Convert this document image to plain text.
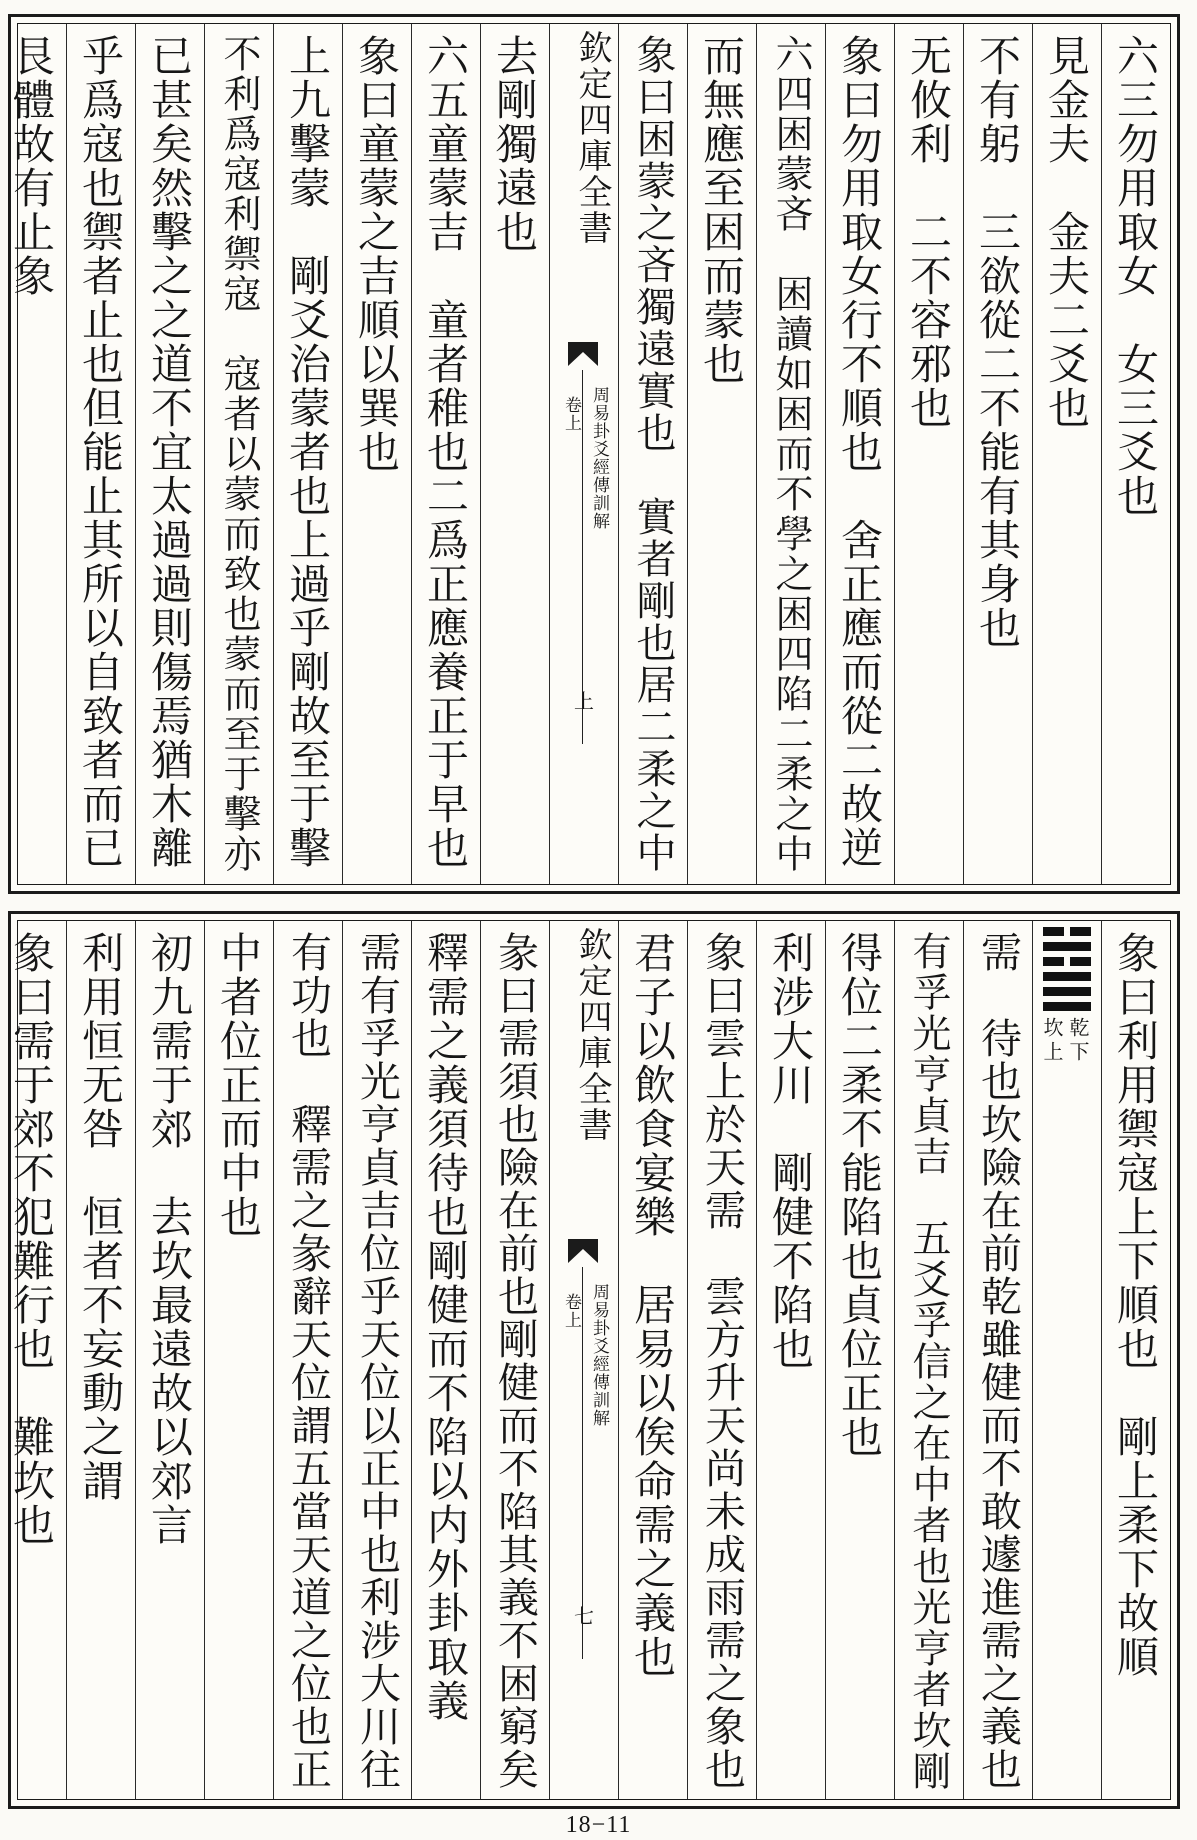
六三勿用取女　女三爻也
見金夫　金夫二爻也
不有躬　三欲從二不能有其身也
无攸利　二不容邪也
象曰勿用取女行不順也　舍正應而從二故逆
六四困蒙吝　困讀如困而不學之困四陷二柔之中
而無應至困而蒙也
象曰困蒙之吝獨遠實也　實者剛也居二柔之中
欽定四庫全書
周易卦爻經傳訓解
卷上
上
去剛獨遠也
六五童蒙吉　童者稚也二爲正應養正于早也
象曰童蒙之吉順以巽也
上九擊蒙　剛爻治蒙者也上過乎剛故至于擊
不利爲寇利禦寇　寇者以蒙而致也蒙而至于擊亦
已甚矣然擊之之道不宜太過過則傷焉猶木離
乎爲寇也禦者止也但能止其所以自致者而已
艮體故有止象
象曰利用禦寇上下順也　剛上柔下故順
乾
下
坎
上
需　待也坎險在前乾雖健而不敢遽進需之義也
有孚光亨貞吉　五爻孚信之在中者也光亨者坎剛
得位二柔不能陷也貞位正也
利涉大川　剛健不陷也
象曰雲上於天需　雲方升天尚未成雨需之象也
君子以飲食宴樂　居易以俟命需之義也
欽定四庫全書
周易卦爻經傳訓解
卷上
七
彖曰需須也險在前也剛健而不陷其義不困窮矣
釋需之義須待也剛健而不陷以内外卦取義
需有孚光亨貞吉位乎天位以正中也利涉大川往
有功也　釋需之彖辭天位謂五當天道之位也正
中者位正而中也
初九需于郊　去坎最遠故以郊言
利用恒无咎　恒者不妄動之謂
象曰需于郊不犯難行也　難坎也
18−11
